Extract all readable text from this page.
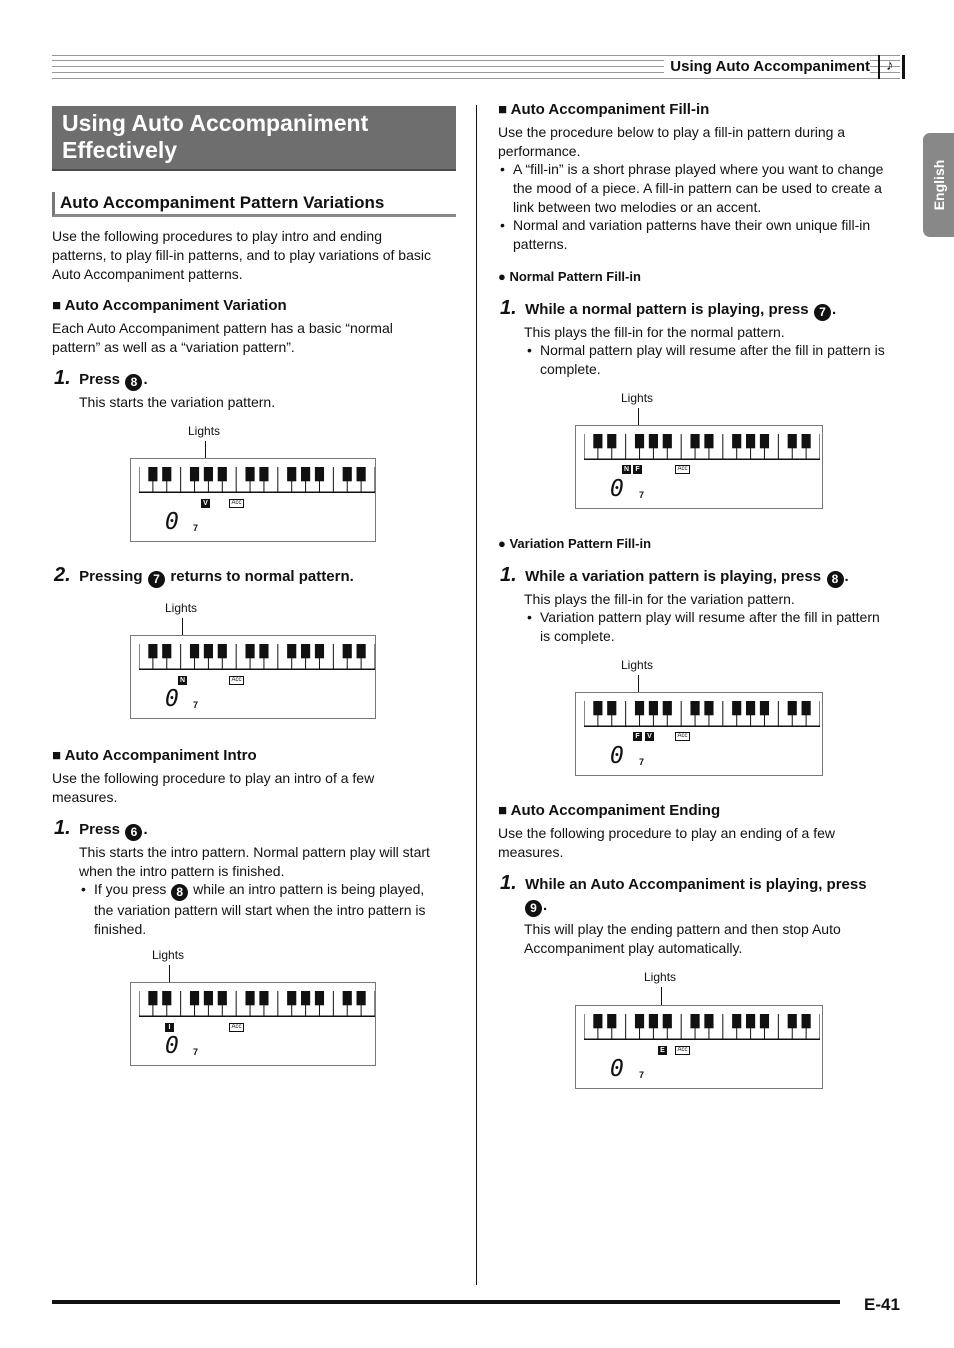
Using Auto Accompaniment ♪
English
Using Auto Accompaniment Effectively
Auto Accompaniment Pattern Variations
Use the following procedures to play intro and ending
patterns, to play fill-in patterns, and to play variations of basic
Auto Accompaniment patterns.
■ Auto Accompaniment Variation
Each Auto Accompaniment pattern has a basic “normal
pattern” as well as a “variation pattern”.
1. Press 8 .
This starts the variation pattern.
Lights
V	Acc
0 7
2. Pressing 7 returns to normal pattern.
Lights
N	Acc
0 7
■ Auto Accompaniment Intro
Use the following procedure to play an intro of a few
measures.
1. Press 6 .
This starts the intro pattern. Normal pattern play will start
when the intro pattern is finished.
• If you press 8 while an intro pattern is being played,
the variation pattern will start when the intro pattern is
finished.
Lights
I	Acc
0 7
■ Auto Accompaniment Fill-in
Use the procedure below to play a fill-in pattern during a
performance.
• A “fill-in” is a short phrase played where you want to change
the mood of a piece. A fill-in pattern can be used to create a
link between two melodies or an accent.
• Normal and variation patterns have their own unique fill-in
patterns.
● Normal Pattern Fill-in
1. While a normal pattern is playing, press 7 .
This plays the fill-in for the normal pattern.
• Normal pattern play will resume after the fill in pattern is
complete.
Lights
N F	Acc
0 7
● Variation Pattern Fill-in
1. While a variation pattern is playing, press 8 .
This plays the fill-in for the variation pattern.
• Variation pattern play will resume after the fill in pattern
is complete.
Lights
F	V	Acc
0 7
■ Auto Accompaniment Ending
Use the following procedure to play an ending of a few
measures.
1. While an Auto Accompaniment is playing, press
9 .
This will play the ending pattern and then stop Auto
Accompaniment play automatically.
Lights
E	Acc
0 7
E-41
